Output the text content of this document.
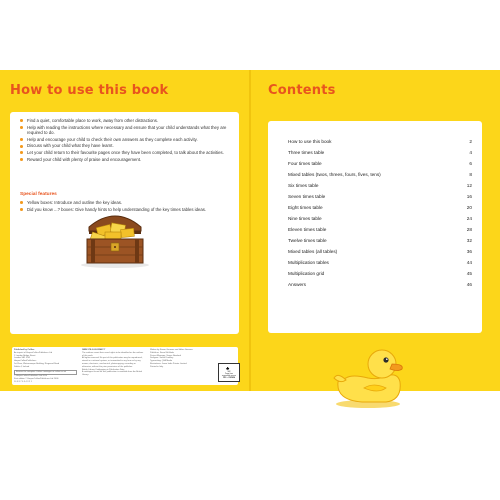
How to use this book
Find a quiet, comfortable place to work, away from other distractions.
Help with reading the instructions where necessary and ensure that your child understands what they are required to do.
Help and encourage your child to check their own answers as they complete each activity.
Discuss with your child what they have learnt.
Let your child return to their favourite pages once they have been completed, to talk about the activities.
Reward your child with plenty of praise and encouragement.

Special features

Yellow boxes: Introduce and outline the key ideas.
Did you know ...? boxes: Give handy hints to help understanding of the key times tables ideas.

Published by Collins

An imprint of HarperCollinsPublishers Ltd

1 London Bridge Street

London SE1 9GF

HarperCollinsPublishers

1st Floor, Watermarque Building, Ringsend Road

Dublin 4, Ireland

Browse the complete Collins catalogue at collins.co.uk

© HarperCollinsPublishers Ltd 2020

First edition © HarperCollinsPublishers Ltd 2006

10 9 8 7 6 5 4 3 2 1

ISBN 978-0-00-833487-7

The authors assert their moral rights to be identified as the authors of this work.

All rights reserved. No part of this publication may be reproduced, stored in a retrieval system, or transmitted in any form or by any means, electronic, mechanical, photocopying, recording or otherwise, without the prior permission of the publisher.

British Library Cataloguing in Publication Data

A catalogue record for this publication is available from the British Library.

Written by Simon Greaves and Helen Greaves

Publisher: Fiona McGlade

Project Manager: Sonya Newland

Designer: Sarah Duxbury

Typesetting: Q2A Media

Illustrations: Jouve India Private Limited

Printed in Italy	♣

MIX

Paper from

responsible sources

FSC™ C007454

Contents
How to use this book	2
Three times table	4
Four times table	6
Mixed tables (twos, threes, fours, fives, tens)	8
Six times table	12
Seven times table	16
Eight times table	20
Nine times table	24
Eleven times table	28
Twelve times table	32
Mixed tables (all tables)	36
Multiplication tables	44
Multiplication grid	45
Answers	46
